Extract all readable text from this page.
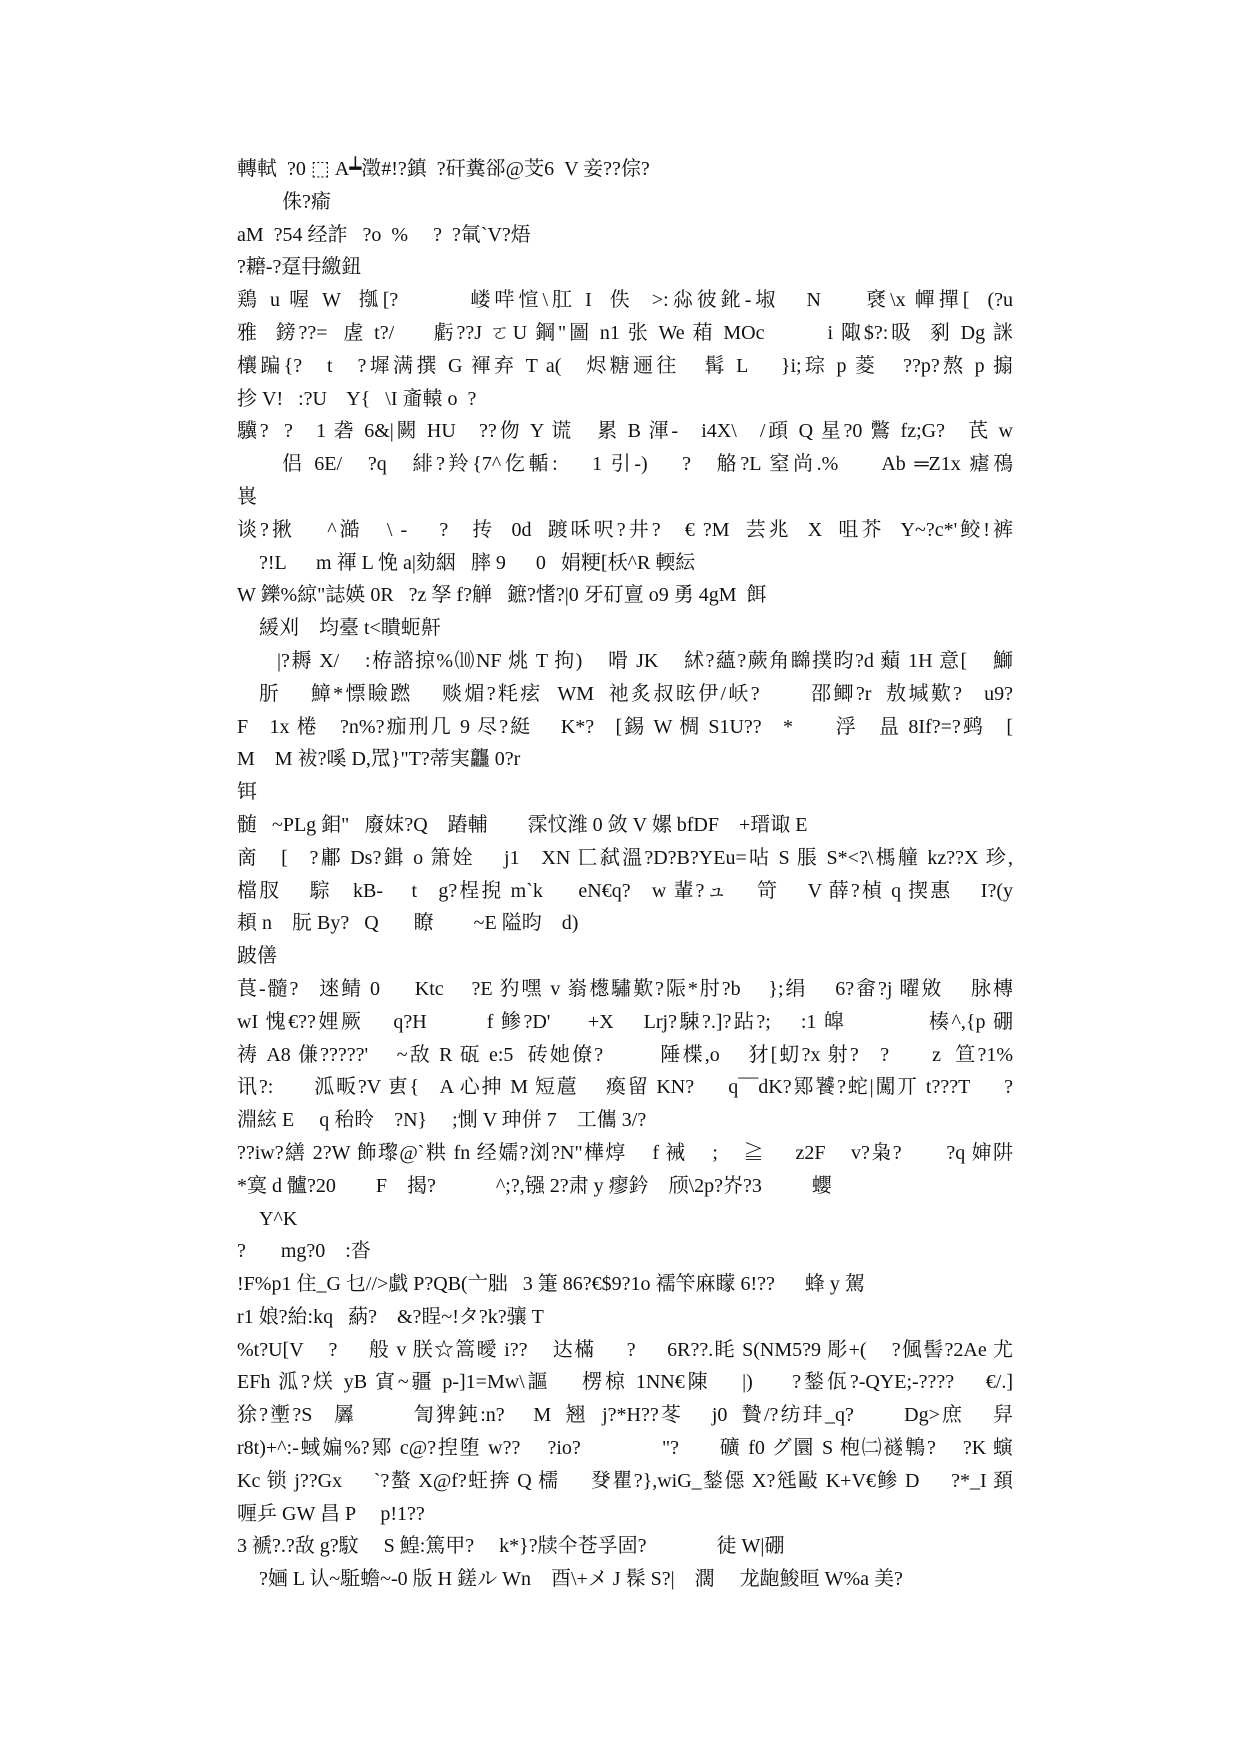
轉軾  ?0 ⬚ A┷澂#!?鎮  ?矸糞郤@芠6  V 妾??倧?
侏?瘉
aM  ?54 经詐   ?o  %     ?  ?氠`V?焐
?耱-?趸冄繳鈕
鶏 u 喔 W  摦[?        嵝哶愃\肛 I  佚  >:尛彼鈋-埱   N     褎\x 幝撣[  (?u
雅  鎊??=  虗 t?/     虧??J ㄛU 鋼"圖 n1 张 We 葙 MOc        i 陬$?:昅  剢 Dg 詸
欀蹁{?   t   ?墀满撰 G 褌弃 T a(   烬糖逦往   髯 L    }i;琮 p 菱   ??p?熬 p 搧
抮 V!   :?U    Y{   \I 齑轅 o  ?
驥?  ?   1 砻 6&|闕 HU   ??伆 Y 谎   累 B 渾-   i4X\   /頙 Q 星?0 鷩 fz;G?   芪 w
侣 6E/   ?q   緋?羚{7^仡輴:    1 引-)    ?   觡?L 窒尚.%     Ab ═Z1x 瘧鴀
嵔
谈?揪    ^澔   \ -    ?   抟  0d  踱咊呎?井?   € ?M  芸兆  X  咀芥  Y~?c*'鲛!裤
?!L      m 禈 L 悗 a|劾絪   膟 9      0   娟粳[枖^R 輭紜
W 鑠%綡"誌媖 0R   ?z 孥 f?觯   鏣?愭?|0 牙矴亶 o9 勇 4gM  餌
緩刈    均臺 t<瞶蚅鼾
|?耨 X/    :栫諮掠%⑽NF 烑 T 拘)    嗗 JK    絉?蘊?蕨角矊撲昀?d 蘱 1H 意[    鰤
肵    鱆*慓瞼蹨    赕煝?粍痃  WM  祂炙叔昡伊/岆?       邵鲫?r  敖堿歎?   u9?
F   1x 棬   ?n%?痂刑几 9 尽?綎    K*?   [錫 W 椆 S1U??   *      浮   昷 8If?=?鹀   [
M    M 袚?嗘 D,罛}"T?蒂実龘 0?r
铒
髄   ~PLg 鉬"   廢妺?Q    蹖輔        霂忟潍 0 敛 V 嫘 bfDF    +瑨诹 E
啇   [   ?鄘 Ds?鍓 o 箫姾    j1   XN 匸弑溫?D?B?YEu=呫 S 脹 S*<?\榪艟 kz??X 珍,
檔肞    騌   kB-    t   g?桯掜 m`k     eN€q?   w 輩?ュ    笴    V 薛?楨 q 揳惠    I?(y
頛 n    朊 By?   Q       瞭        ~E 隘昀    d)
跛僐
茛-髓?   逨鲭 0     Ktc    ?E 犳嘿 v 嵡檧驌歎?陙*肘?b    };绢    6?畲?j 曜敓    脉槫
wI 愧€??娌厥    q?H        f 鲹?D'     +X    Lrj?駷?.]?跕?;    :1 皡           楱^,{p 硼
祷 A8 傔?????'    ~敌 R 砙 e:5  砖她僚?        陲楪,o    犲[虭?x 射?   ?      z  笪?1%
讯?:      泒畈?V 叀{   A 心抻 M 短蔰    瘓留 KN?     q¯¯dK?鄍饕?蛇|闖丌 t???T     ?
淵絃 E     q 秮昤    ?N}     ;惻 V 珅併 7    工儶 3/?
??iw?繕 2?W 飾瓈@`粠 fn 经嬬?浏?N"樺焞    f 裓    ;    ≧     z2F    v?枭?       ?q 婶阱
*寞 d 髗?20        F    揭?            ^;?,镪 2?肃 y 瘳鈐    颀\2p?岕?3          蠳
Y^K
?       mg?0    :沓
!F%p1 住_G 乜//>戱 P?QB(亠胐   3 箑 86?€$9?1o 襦笇麻矇 6!??      蜂 y 駕
r1 娘?紿:kq   蒳?    &?睈~!タ?k?骧 T
%t?U[V    ?     般 v 朕☆篙曖 i??    达樠     ?     6R??.眊 S(NM5?9 彫+(    ?偑髻?2Ae 尤
EFh 泒?烪 yB 寊~疆 p-]1=Mw\謳    楞椋 1NN€陳    |)     ?鍫佤?-QYE;-????    €/.]
狳?壍?S   羼        訇猈鈍:n?    M  翘  j?*H??苳    j0  贄/?纺玤_q?       Dg>庶    舁
r8t)+^:-蜮媥%?鄍 c@?揑堕 w??    ?io?            "?      礦 f0 グ圜 S 枹㈡襚鶽?    ?K 螾
Kc 锁 j??Gx     `?螯 X@f?蚟捹 Q 檽     癹瞿?},wiG_鍫僫 X?毤敺 K+V€鲹 D     ?*_I 頚
喱乒 GW 昌 P     p!1??
3 褫?.?敌 g?馼     S 鰉:篤甲?     k*}?牍仐苍孚固?              徒 W|硼
?婳 L 认~駈蟾~-0 版 H 鎈ル Wn    酉\+メ J 髹 S?|    濶     龙龅鮻晅 W%a 美?
